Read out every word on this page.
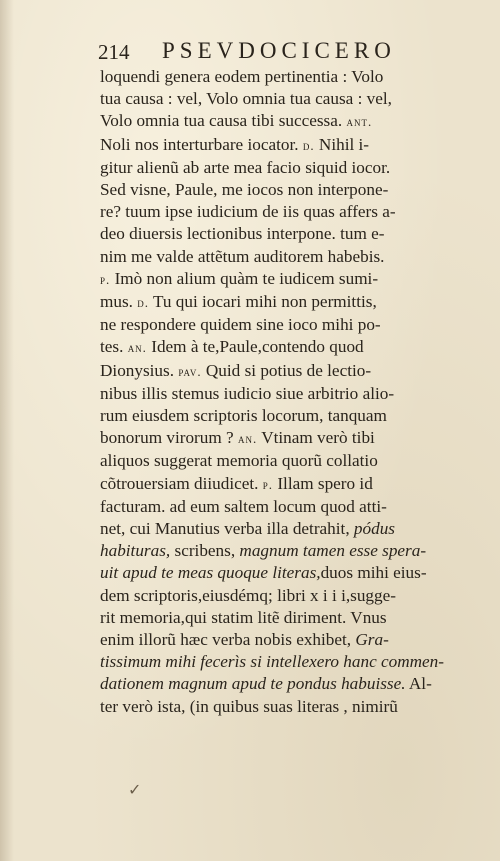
214 PSEVDOCICERO
loquendi genera eodem pertinentia : Volo
tua causa : vel, Volo omnia tua causa : vel,
Volo omnia tua causa tibi successa. ant.
Noli nos interturbare iocator. d. Nihil i-
gitur alienũ ab arte mea facio siquid iocor.
Sed visne, Paule, me iocos non interpone-
re? tuum ipse iudicium de iis quas affers a-
deo diuersis lectionibus interpone. tum e-
nim me valde attẽtum auditorem habebis.
p. Imò non alium quàm te iudicem sumi-
mus. d. Tu qui iocari mihi non permittis,
ne respondere quidem sine ioco mihi po-
tes. an. Idem à te,Paule,contendo quod
Dionysius. pav. Quid si potius de lectio-
nibus illis stemus iudicio siue arbitrio alio-
rum eiusdem scriptoris locorum, tanquam
bonorum virorum ? an. Vtinam verò tibi
aliquos suggerat memoria quorũ collatio
cõtrouersiam diiudicet. p. Illam spero id
facturam. ad eum saltem locum quod atti-
net, cui Manutius verba illa detrahit, pódus
habituras, scribens, magnum tamen esse spera-
uit apud te meas quoque literas,duos mihi eius-
dem scriptoris,eiusdémq; libri x i i i,sugge-
rit memoria,qui statim litẽ diriment. Vnus
enim illorũ hæc verba nobis exhibet, Gra-
tissimum mihi fecerìs si intellexero hanc commen-
dationem magnum apud te pondus habuisse. Al-
ter verò ista, (in quibus suas literas , nimirũ
✓
